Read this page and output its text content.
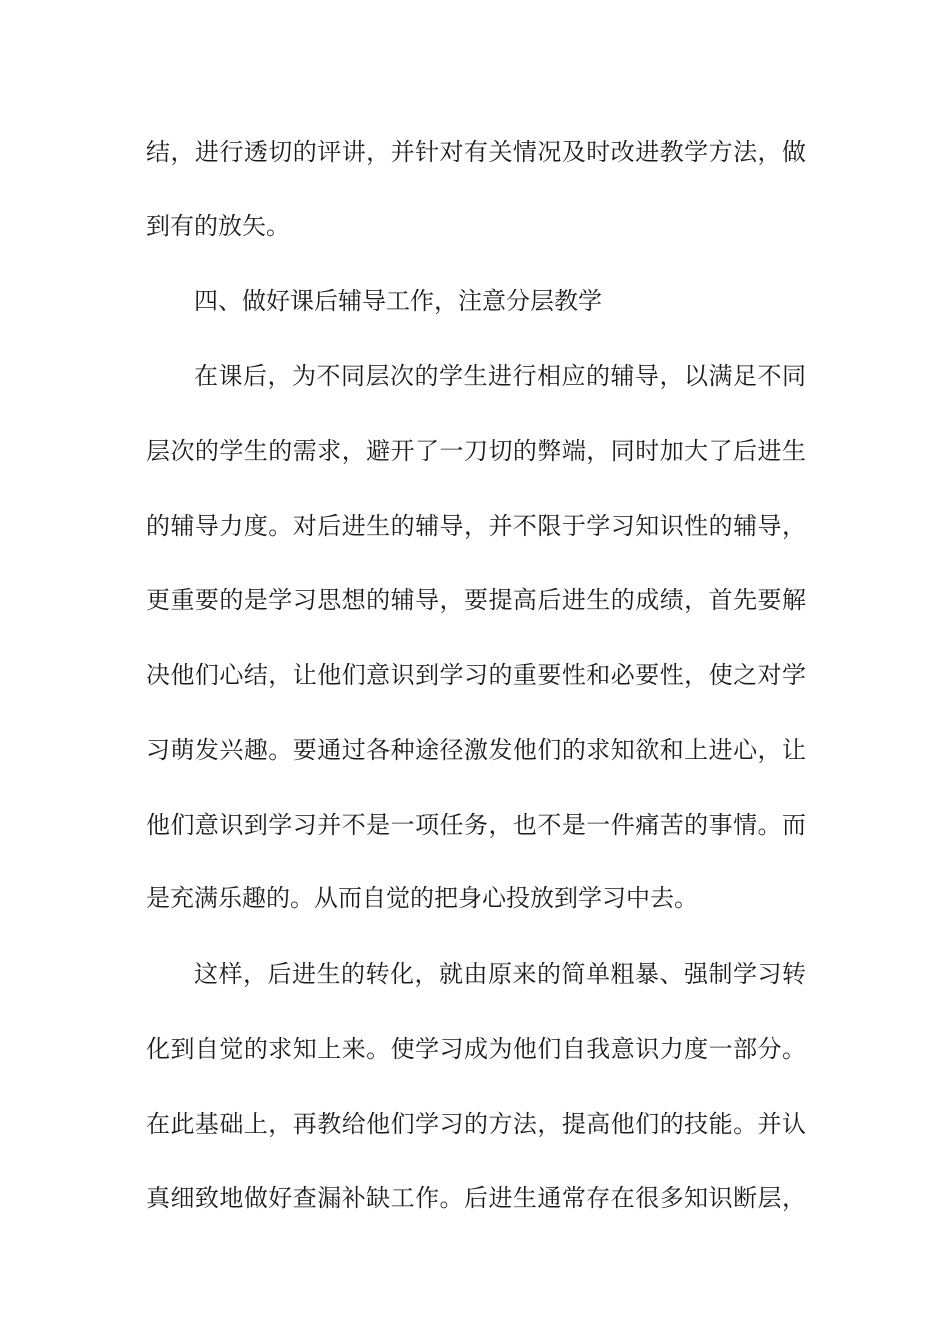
结，进行透切的评讲，并针对有关情况及时改进教学方法，做
到有的放矢。
四、做好课后辅导工作，注意分层教学
在课后，为不同层次的学生进行相应的辅导，以满足不同
层次的学生的需求，避开了一刀切的弊端，同时加大了后进生
的辅导力度。对后进生的辅导，并不限于学习知识性的辅导，
更重要的是学习思想的辅导，要提高后进生的成绩，首先要解
决他们心结，让他们意识到学习的重要性和必要性，使之对学
习萌发兴趣。要通过各种途径激发他们的求知欲和上进心，让
他们意识到学习并不是一项任务，也不是一件痛苦的事情。而
是充满乐趣的。从而自觉的把身心投放到学习中去。
这样，后进生的转化，就由原来的简单粗暴、强制学习转
化到自觉的求知上来。使学习成为他们自我意识力度一部分。
在此基础上，再教给他们学习的方法，提高他们的技能。并认
真细致地做好查漏补缺工作。后进生通常存在很多知识断层，
